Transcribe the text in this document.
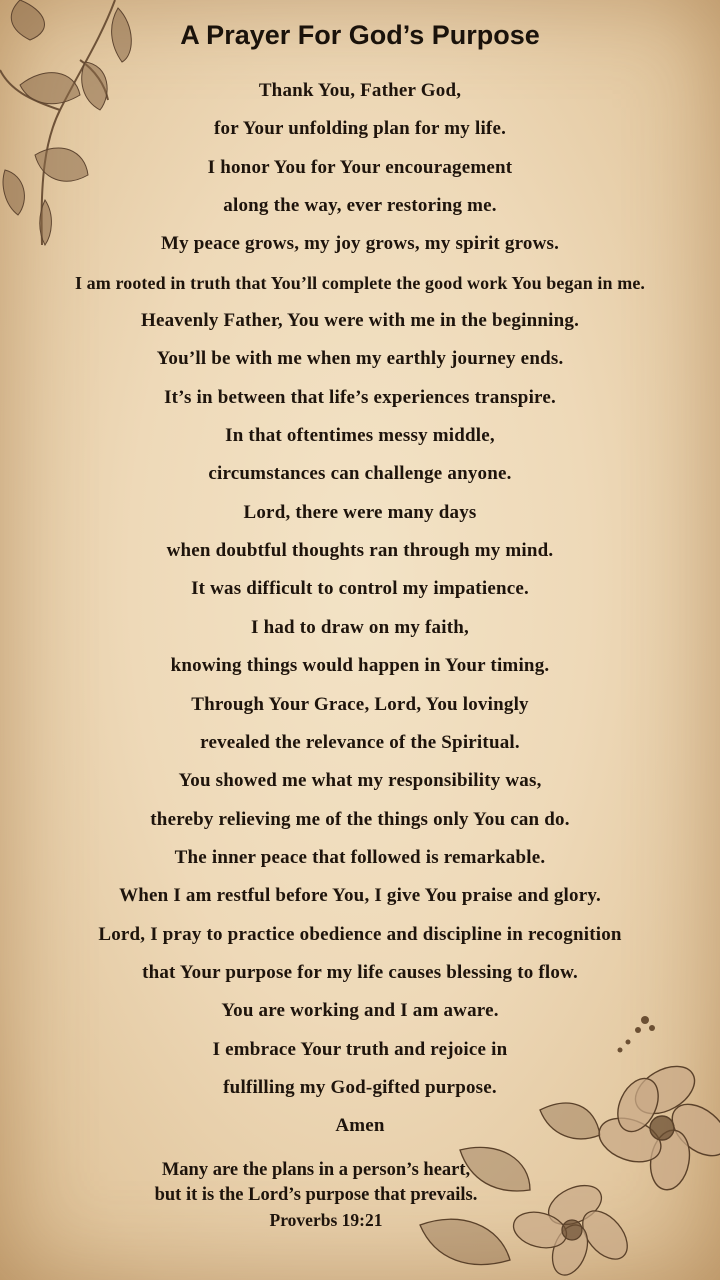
A Prayer For God’s Purpose
Thank You, Father God,
for Your unfolding plan for my life.
I honor You for Your encouragement
along the way, ever restoring me.
My peace grows, my joy grows, my spirit grows.
I am rooted in truth that You’ll complete the good work You began in me.
Heavenly Father, You were with me in the beginning.
You’ll be with me when my earthly journey ends.
It’s in between that life’s experiences transpire.
In that oftentimes messy middle,
circumstances can challenge anyone.
Lord, there were many days
when doubtful thoughts ran through my mind.
It was difficult to control my impatience.
I had to draw on my faith,
knowing things would happen in Your timing.
Through Your Grace, Lord, You lovingly
revealed the relevance of the Spiritual.
You showed me what my responsibility was,
thereby relieving me of the things only You can do.
The inner peace that followed is remarkable.
When I am restful before You, I give You praise and glory.
Lord, I pray to practice obedience and discipline in recognition
that Your purpose for my life causes blessing to flow.
You are working and I am aware.
I embrace Your truth and rejoice in
fulfilling my God-gifted purpose.
Amen
Many are the plans in a person’s heart,
but it is the Lord’s purpose that prevails.
Proverbs 19:21
